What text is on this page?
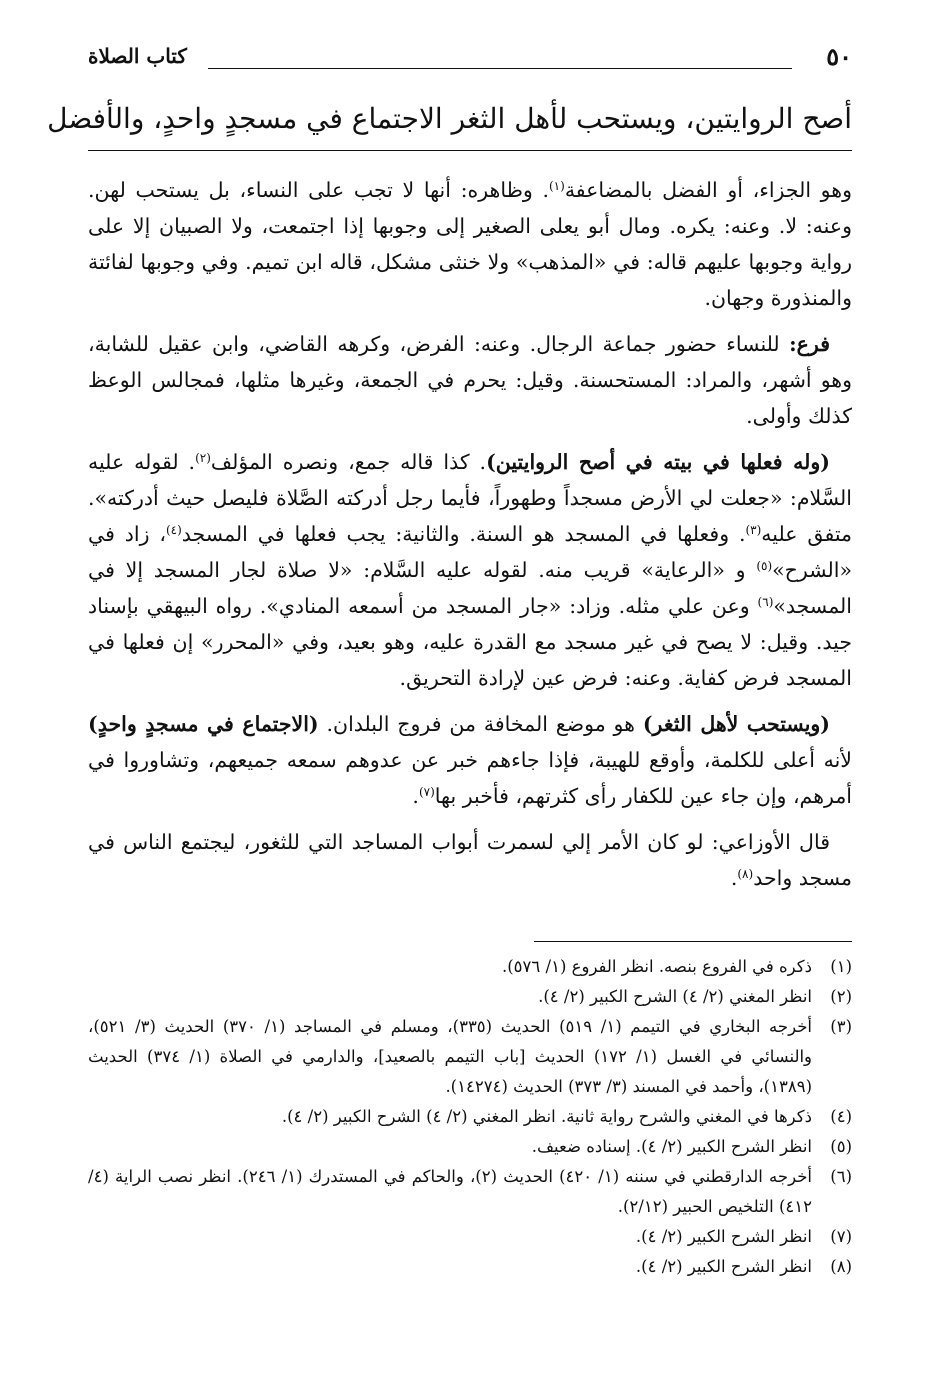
٥٠
كتاب الصلاة
أصح الروايتين، ويستحب لأهل الثغر الاجتماع في مسجدٍ واحدٍ، والأفضل

وهو الجزاء، أو الفضل بالمضاعفة$^{(١)}$. وظاهره: أنها لا تجب على النساء، بل يستحب لهن. وعنه: لا. وعنه: يكره. ومال أبو يعلى الصغير إلى وجوبها إذا اجتمعت، ولا الصبيان إلا على رواية وجوبها عليهم قاله: في «المذهب» ولا خنثى مشكل، قاله ابن تميم. وفي وجوبها لفائتة والمنذورة وجهان.

فرع: للنساء حضور جماعة الرجال. وعنه: الفرض، وكرهه القاضي، وابن عقيل للشابة، وهو أشهر، والمراد: المستحسنة. وقيل: يحرم في الجمعة، وغيرها مثلها، فمجالس الوعظ كذلك وأولى.

(وله فعلها في بيته في أصح الروايتين). كذا قاله جمع، ونصره المؤلف$^{(٢)}$. لقوله عليه السَّلام: «جعلت لي الأرض مسجداً وطهوراً، فأيما رجل أدركته الصَّلاة فليصل حيث أدركته». متفق عليه$^{(٣)}$. وفعلها في المسجد هو السنة. والثانية: يجب فعلها في المسجد$^{(٤)}$، زاد في «الشرح»$^{(٥)}$ و «الرعاية» قريب منه. لقوله عليه السَّلام: «لا صلاة لجار المسجد إلا في المسجد»$^{(٦)}$ وعن علي مثله. وزاد: «جار المسجد من أسمعه المنادي». رواه البيهقي بإسناد جيد. وقيل: لا يصح في غير مسجد مع القدرة عليه، وهو بعيد، وفي «المحرر» إن فعلها في المسجد فرض كفاية. وعنه: فرض عين لإرادة التحريق.

(ويستحب لأهل الثغر) هو موضع المخافة من فروج البلدان. (الاجتماع في مسجدٍ واحدٍ) لأنه أعلى للكلمة، وأوقع للهيبة، فإذا جاءهم خبر عن عدوهم سمعه جميعهم، وتشاوروا في أمرهم، وإن جاء عين للكفار رأى كثرتهم، فأخبر بها$^{(٧)}$.

قال الأوزاعي: لو كان الأمر إلي لسمرت أبواب المساجد التي للثغور، ليجتمع الناس في مسجد واحد$^{(٨)}$.

(١)
ذكره في الفروع بنصه. انظر الفروع (١/ ٥٧٦).
(٢)
انظر المغني (٢/ ٤) الشرح الكبير (٢/ ٤).
(٣)
أخرجه البخاري في التيمم (١/ ٥١٩) الحديث (٣٣٥)، ومسلم في المساجد (١/ ٣٧٠) الحديث (٣/ ٥٢١)، والنسائي في الغسل (١/ ١٧٢) الحديث [باب التيمم بالصعيد]، والدارمي في الصلاة (١/ ٣٧٤) الحديث (١٣٨٩)، وأحمد في المسند (٣/ ٣٧٣) الحديث (١٤٢٧٤).
(٤)
ذكرها في المغني والشرح رواية ثانية. انظر المغني (٢/ ٤) الشرح الكبير (٢/ ٤).
(٥)
انظر الشرح الكبير (٢/ ٤). إسناده ضعيف.
(٦)
أخرجه الدارقطني في سننه (١/ ٤٢٠) الحديث (٢)، والحاكم في المستدرك (١/ ٢٤٦). انظر نصب الراية (٤/ ٤١٢) التلخيص الحبير (٢/١٢).
(٧)
انظر الشرح الكبير (٢/ ٤).
(٨)
انظر الشرح الكبير (٢/ ٤).
